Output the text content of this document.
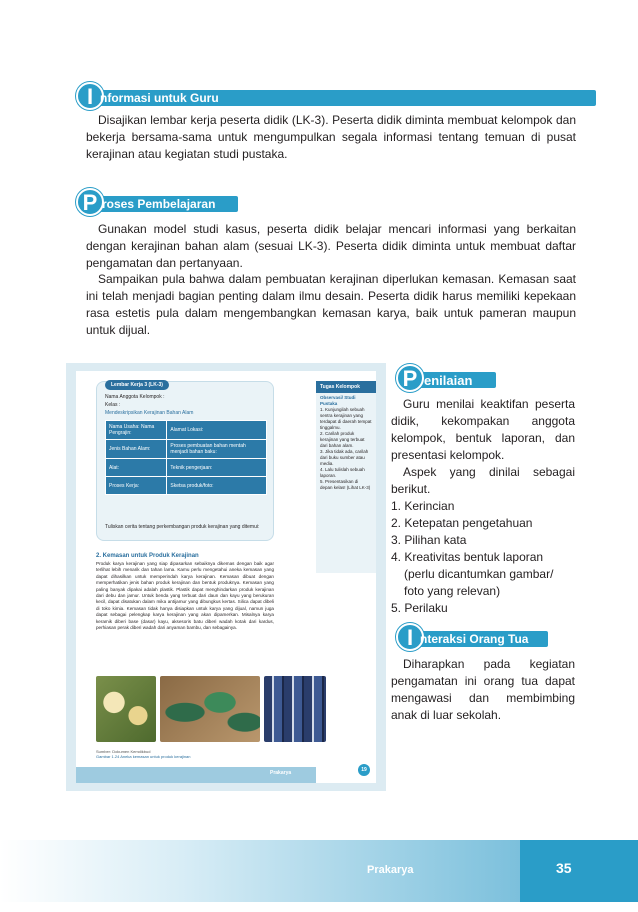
I nformasi untuk Guru
Disajikan lembar kerja peserta didik (LK-3). Peserta didik diminta membuat kelompok dan bekerja bersama-sama untuk mengumpulkan segala informasi tentang temuan di pusat kerajinan atau kegiatan studi pustaka.
P roses Pembelajaran
Gunakan model studi kasus, peserta didik belajar mencari informasi yang berkaitan dengan kerajinan bahan alam (sesuai LK-3). Peserta didik diminta untuk membuat daftar pengamatan dan pertanyaan.
Sampaikan pula bahwa dalam pembuatan kerajinan diperlukan kemasan. Kemasan saat ini telah menjadi bagian penting dalam ilmu desain. Peserta didik harus memiliki kepekaan rasa estetis pula dalam mengembangkan kemasan karya, baik untuk pameran maupun untuk dijual.
Lembar Kerja 3 (LK-3)
Nama Anggota Kelompok :
Kelas :
Mendeskripsikan Kerajinan Bahan Alam
Nama Usaha: Nama Pengrajin:	Alamat Lokasi:
Jenis Bahan Alam:	Proses pembuatan bahan mentah menjadi bahan baku:
Alat:	Teknik pengerjaan:
Proses Kerja:	Sketsa produk/foto:
Tuliskan cerita tentang perkembangan produk kerajinan yang ditemui:
Tugas Kelompok
Observasi/ Studi Pustaka
1. Kunjungilah sebuah sentra kerajinan yang terdapat di daerah tempat tinggalmu.
2. Carilah produk kerajinan yang terbuat dari bahan alam.
3. Jika tidak ada, carilah dari buku sumber atau media.
4. Lalu tulislah sebuah laporan.
5. Presentasikan di depan kelas! (Lihat LK-3)
2. Kemasan untuk Produk Kerajinan
Produk karya kerajinan yang siap dipasarkan sebaiknya dikemas dengan baik agar terlihat lebih menarik dan tahan lama. Kamu perlu mengetahui aneka kemasan yang dapat dihasilkan untuk memperindah karya kerajinan. Kemasan dibuat dengan memperhatikan jenis bahan produk kerajinan dan bentuk produknya. Kemasan yang paling banyak dipakai adalah plastik. Plastik dapat menghindarkan produk kerajinan dari debu dan jamur. Untuk benda yang terbuat dari daun dan kayu yang berukuran kecil, dapat disatukan dalam mika antijamur yang dibungkus kertas. Silica dapat dibeli di toko kimia. Kemasan tidak hanya disiapkan untuk karya yang dijual, namun juga dapat sebagai pelengkap karya kerajinan yang akan dipamerkan. Misalnya karya keramik diberi base (dasar) kayu, aksesoris batu diberi wadah kotak dari kardus, perhiasan perak diberi wadah dari anyaman bambu, dan sebagainya.
Sumber: Dokumen Kemdikbud
Gambar 1.24 Aneka kemasan untuk produk kerajinan
Prakarya	19
P enilaian
Guru menilai keaktifan peserta didik, kekompakan anggota kelompok, bentuk laporan, dan presentasi kelompok.
Aspek yang dinilai sebagai berikut.
1. Kerincian
2. Ketepatan pengetahuan
3. Pilihan kata
4. Kreativitas bentuk laporan
(perlu dicantumkan gambar/
foto yang relevan)
5. Perilaku
I nteraksi Orang Tua
Diharapkan pada kegiatan pengamatan ini orang tua dapat mengawasi dan membimbing anak di luar sekolah.
Prakarya	35
